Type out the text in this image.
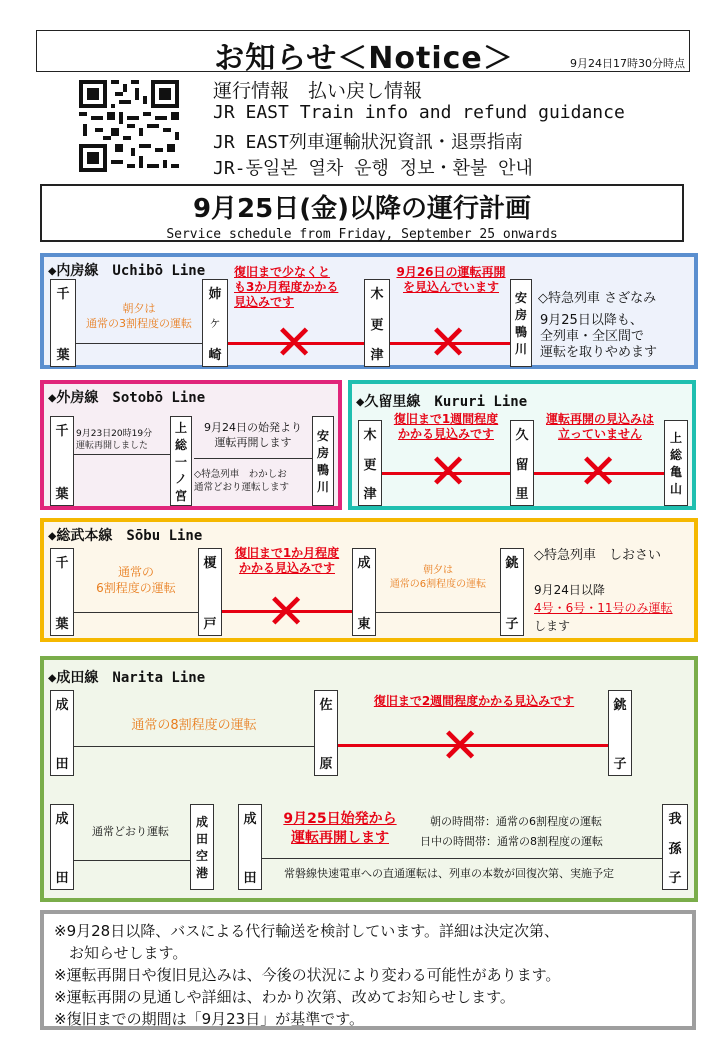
お知らせ＜Notice＞	9月24日17時30分時点
運行情報　払い戻し情報
JR EAST Train info and refund guidance
JR EAST列車運輸狀況資訊・退票指南
JR-동일본 열차 운행 정보・환불 안내
9月25日(金)以降の運行計画
Service schedule from Friday, September 25 onwards
◆内房線　Uchibō Line
千
葉
姉
ケ
崎
木
更
津
安
房
鴨
川
朝夕は
通常の3割程度の運転
復旧まで少なくと
も3か月程度かかる
見込みです
9月26日の運転再開
を見込んでいます
✕ ✕
◇特急列車 さざなみ
9月25日以降も、
全列車・全区間で
運転を取りやめます
◆外房線　Sotobō Line
千
葉
上
総
一
ノ
宮
安
房
鴨
川
9月23日20時19分
運転再開しました
9月24日の始発より
運転再開します
◇特急列車　わかしお
通常どおり運転します
◆久留里線　Kururi Line
木
更
津
久
留
里
上
総
亀
山
復旧まで1週間程度
かかる見込みです
運転再開の見込みは
立っていません
✕ ✕
◆総武本線　Sōbu Line
千
葉
榎
戸
成
東
銚
子
通常の
6割程度の運転
復旧まで1か月程度
かかる見込みです	朝夕は
通常の6割程度の運転
✕
◇特急列車　しおさい
9月24日以降
4号・6号・11号のみ運転
します
◆成田線　Narita Line
成
田
佐
原
銚
子
通常の8割程度の運転
復旧まで2週間程度かかる見込みです
✕
成
田
成
田
空
港
成
田
我
孫
子
通常どおり運転
9月25日始発から
運転再開します
朝の時間帯：通常の6割程度の運転
日中の時間帯：通常の8割程度の運転
常磐線快速電車への直通運転は、列車の本数が回復次第、実施予定
※9月28日以降、バスによる代行輸送を検討しています。詳細は決定次第、
　お知らせします。
※運転再開日や復旧見込みは、今後の状況により変わる可能性があります。
※運転再開の見通しや詳細は、わかり次第、改めてお知らせします。
※復旧までの期間は「9月23日」が基準です。
